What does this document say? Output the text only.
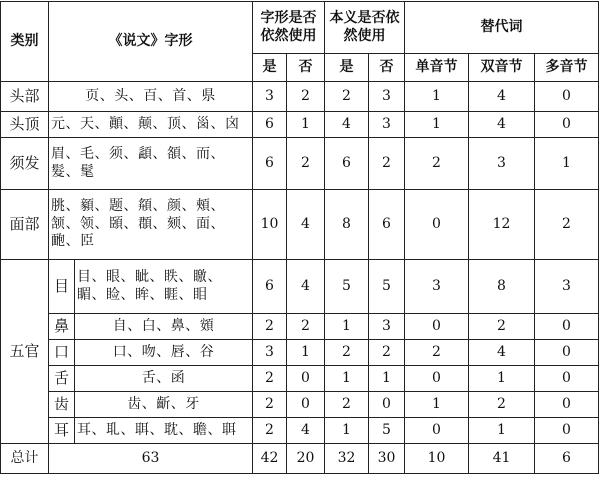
类别	《说文》字形		字形是否依然使用		本义是否依然使用		替代词		
			是	否	是	否	单音节	双音节	多音节
头部	页、头、百、首、県		3	2	2	3	1	4	0
头顶	元、天、顚、颠、顶、𡿺、囟		6	1	4	3	1	4	0
须发	眉、毛、须、頿、頟、而、髮、髦		6	2	6	2	2	3	1
面部	朓、顡、题、頯、颜、頰、颔、领、頣、頵、颏、面、靤、𦣝		10	4	8	6	0	12	2
五官	目	目、眼、眦、眣、䁶、睸、睑、眸、睚、䀠	6	4	5	5	3	8	3
	鼻	自、白、鼻、頞	2	2	1	3	0	2	0
	口	口、吻、唇、谷	3	1	2	2	2	4	0
	舌	舌、函	2	0	1	1	0	1	0
	齿	齿、齗、牙	2	0	2	0	1	2	0
	耳	耳、耴、聑、耽、聸、聑	2	4	1	5	0	1	0
总计	63		42	20	32	30	10	41	6
